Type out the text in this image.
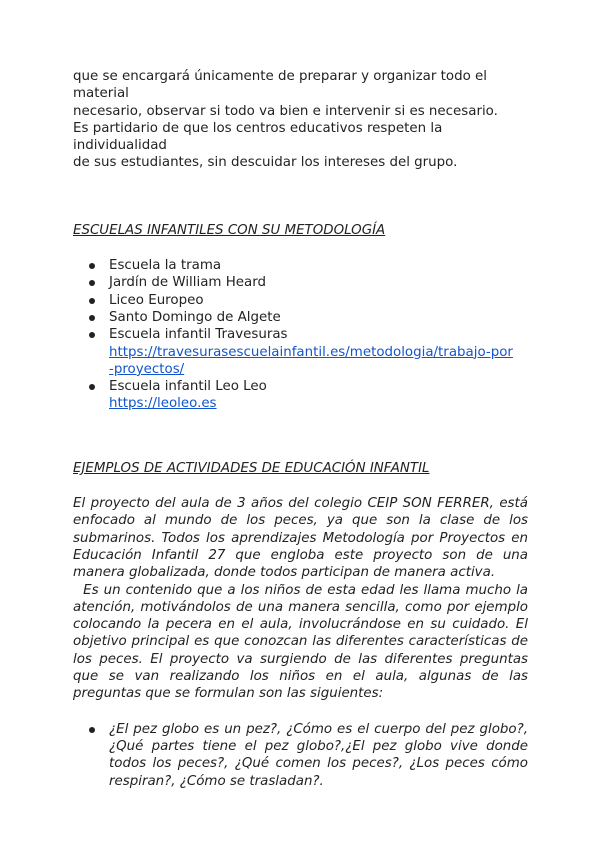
que se encargará únicamente de preparar y organizar todo el material

necesario, observar si todo va bien e intervenir si es necesario.

Es partidario de que los centros educativos respeten la individualidad

de sus estudiantes, sin descuidar los intereses del grupo.

ESCUELAS INFANTILES CON SU METODOLOGÍA

Escuela la trama
Jardín de William Heard
Liceo Europeo
Santo Domingo de Algete
Escuela infantil Travesuras
https://travesurasescuelainfantil.es/metodologia/trabajo-por
-proyectos/
Escuela infantil Leo Leo
https://leoleo.es

EJEMPLOS DE ACTIVIDADES DE EDUCACIÓN INFANTIL

El proyecto del aula de 3 años del colegio CEIP SON FERRER, está enfocado al mundo de los peces, ya que son la clase de los submarinos. Todos los aprendizajes Metodología por Proyectos en Educación Infantil 27 que engloba este proyecto son de una manera globalizada, donde todos participan de manera activa.

Es un contenido que a los niños de esta edad les llama mucho la atención, motivándolos de una manera sencilla, como por ejemplo colocando la pecera en el aula, involucrándose en su cuidado. El objetivo principal es que conozcan las diferentes características de los peces. El proyecto va surgiendo de las diferentes preguntas que se van realizando los niños en el aula, algunas de las preguntas que se formulan son las siguientes:

¿El pez globo es un pez?, ¿Cómo es el cuerpo del pez globo?, ¿Qué partes tiene el pez globo?,¿El pez globo vive donde todos los peces?, ¿Qué comen los peces?, ¿Los peces cómo respiran?, ¿Cómo se trasladan?.
